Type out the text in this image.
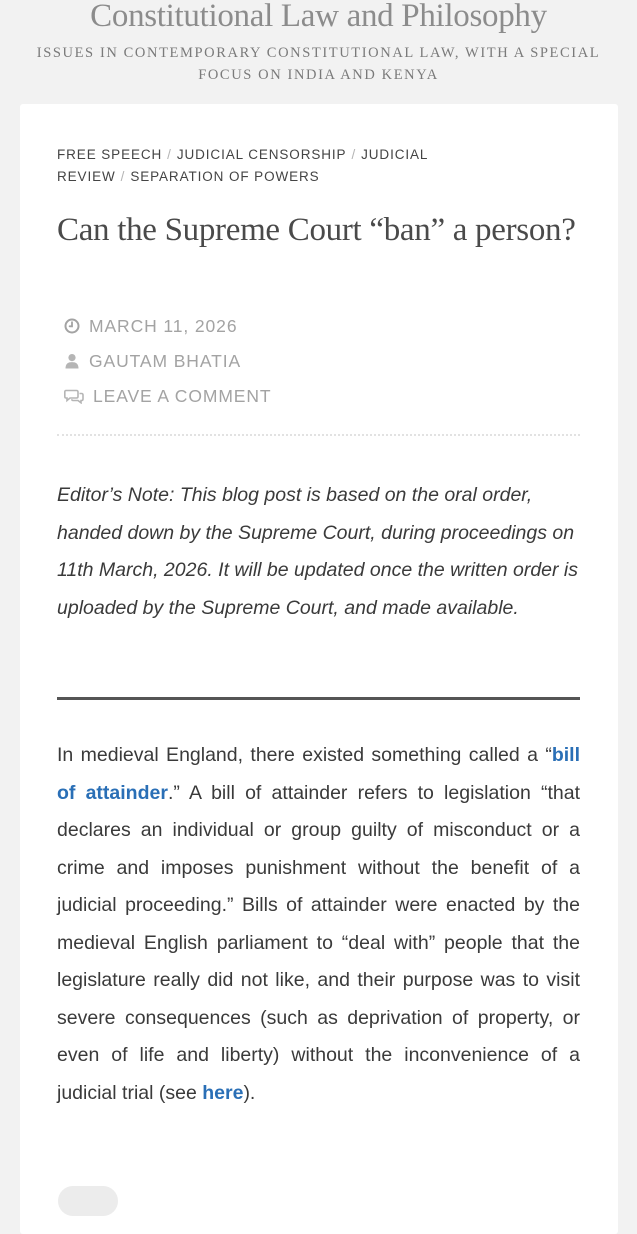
Constitutional Law and Philosophy
ISSUES IN CONTEMPORARY CONSTITUTIONAL LAW, WITH A SPECIAL FOCUS ON INDIA AND KENYA
FREE SPEECH / JUDICIAL CENSORSHIP / JUDICIAL REVIEW / SEPARATION OF POWERS
Can the Supreme Court “ban” a person?
MARCH 11, 2026
GAUTAM BHATIA
LEAVE A COMMENT

Editor’s Note: This blog post is based on the oral order, handed down by the Supreme Court, during proceedings on 11th March, 2026. It will be updated once the written order is uploaded by the Supreme Court, and made available.

In medieval England, there existed something called a “bill of attainder.” A bill of attainder refers to legislation “that declares an individual or group guilty of misconduct or a crime and imposes punishment without the benefit of a judicial proceeding.” Bills of attainder were enacted by the medieval English parliament to “deal with” people that the legislature really did not like, and their purpose was to visit severe consequences (such as deprivation of property, or even of life and liberty) without the inconvenience of a judicial trial (see here).
